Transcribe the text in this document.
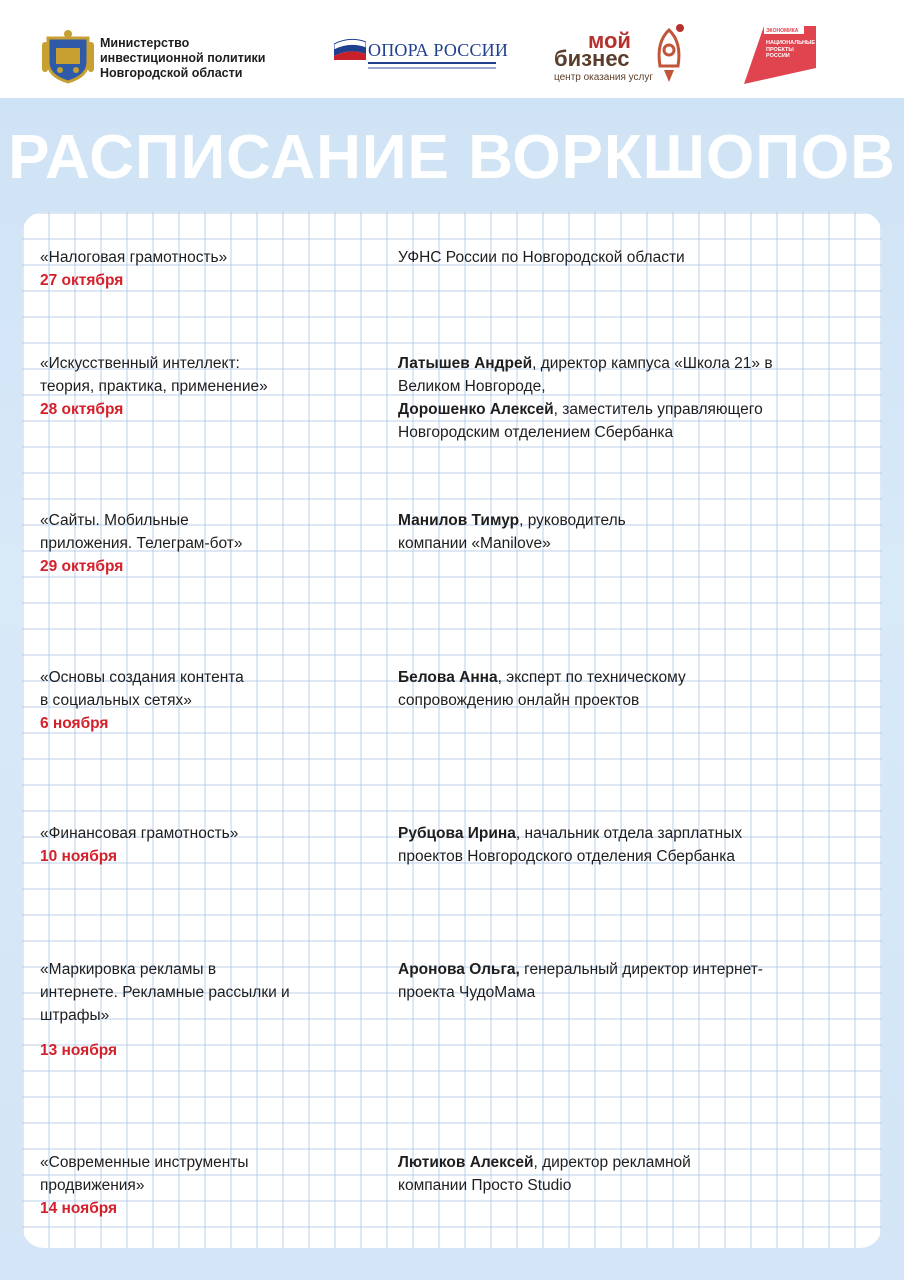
Министерство
инвестиционной политики
Новгородской области
ОПОРА РОССИИ	мой
бизнес
центр оказания услуг
ЭКОНОМИКА
НАЦИОНАЛЬНЫЕ
ПРОЕКТЫ
РОССИИ
РАСПИСАНИЕ ВОРКШОПОВ
«Налоговая грамотность»
27 октября
УФНС России по Новгородской области
«Искусственный интеллект:
теория, практика, применение»
28 октября
Латышев Андрей, директор кампуса «Школа 21» в Великом Новгороде,
Дорошенко Алексей, заместитель управляющего Новгородским отделением Сбербанка
«Сайты. Мобильные
приложения. Телеграм-бот»
29 октября
Манилов Тимур, руководитель компании «Manilove»
«Основы создания контента
в социальных сетях»
6 ноября
Белова Анна, эксперт по техническому сопровождению онлайн проектов
«Финансовая грамотность»
10 ноября
Рубцова Ирина, начальник отдела зарплатных проектов Новгородского отделения Сбербанка
«Маркировка рекламы в
интернете. Рекламные рассылки и
штрафы»
13 ноября
Аронова Ольга, генеральный директор интернет-проекта ЧудоМама
«Современные инструменты
продвижения»
14 ноября
Лютиков Алексей, директор рекламной компании Просто Studio
